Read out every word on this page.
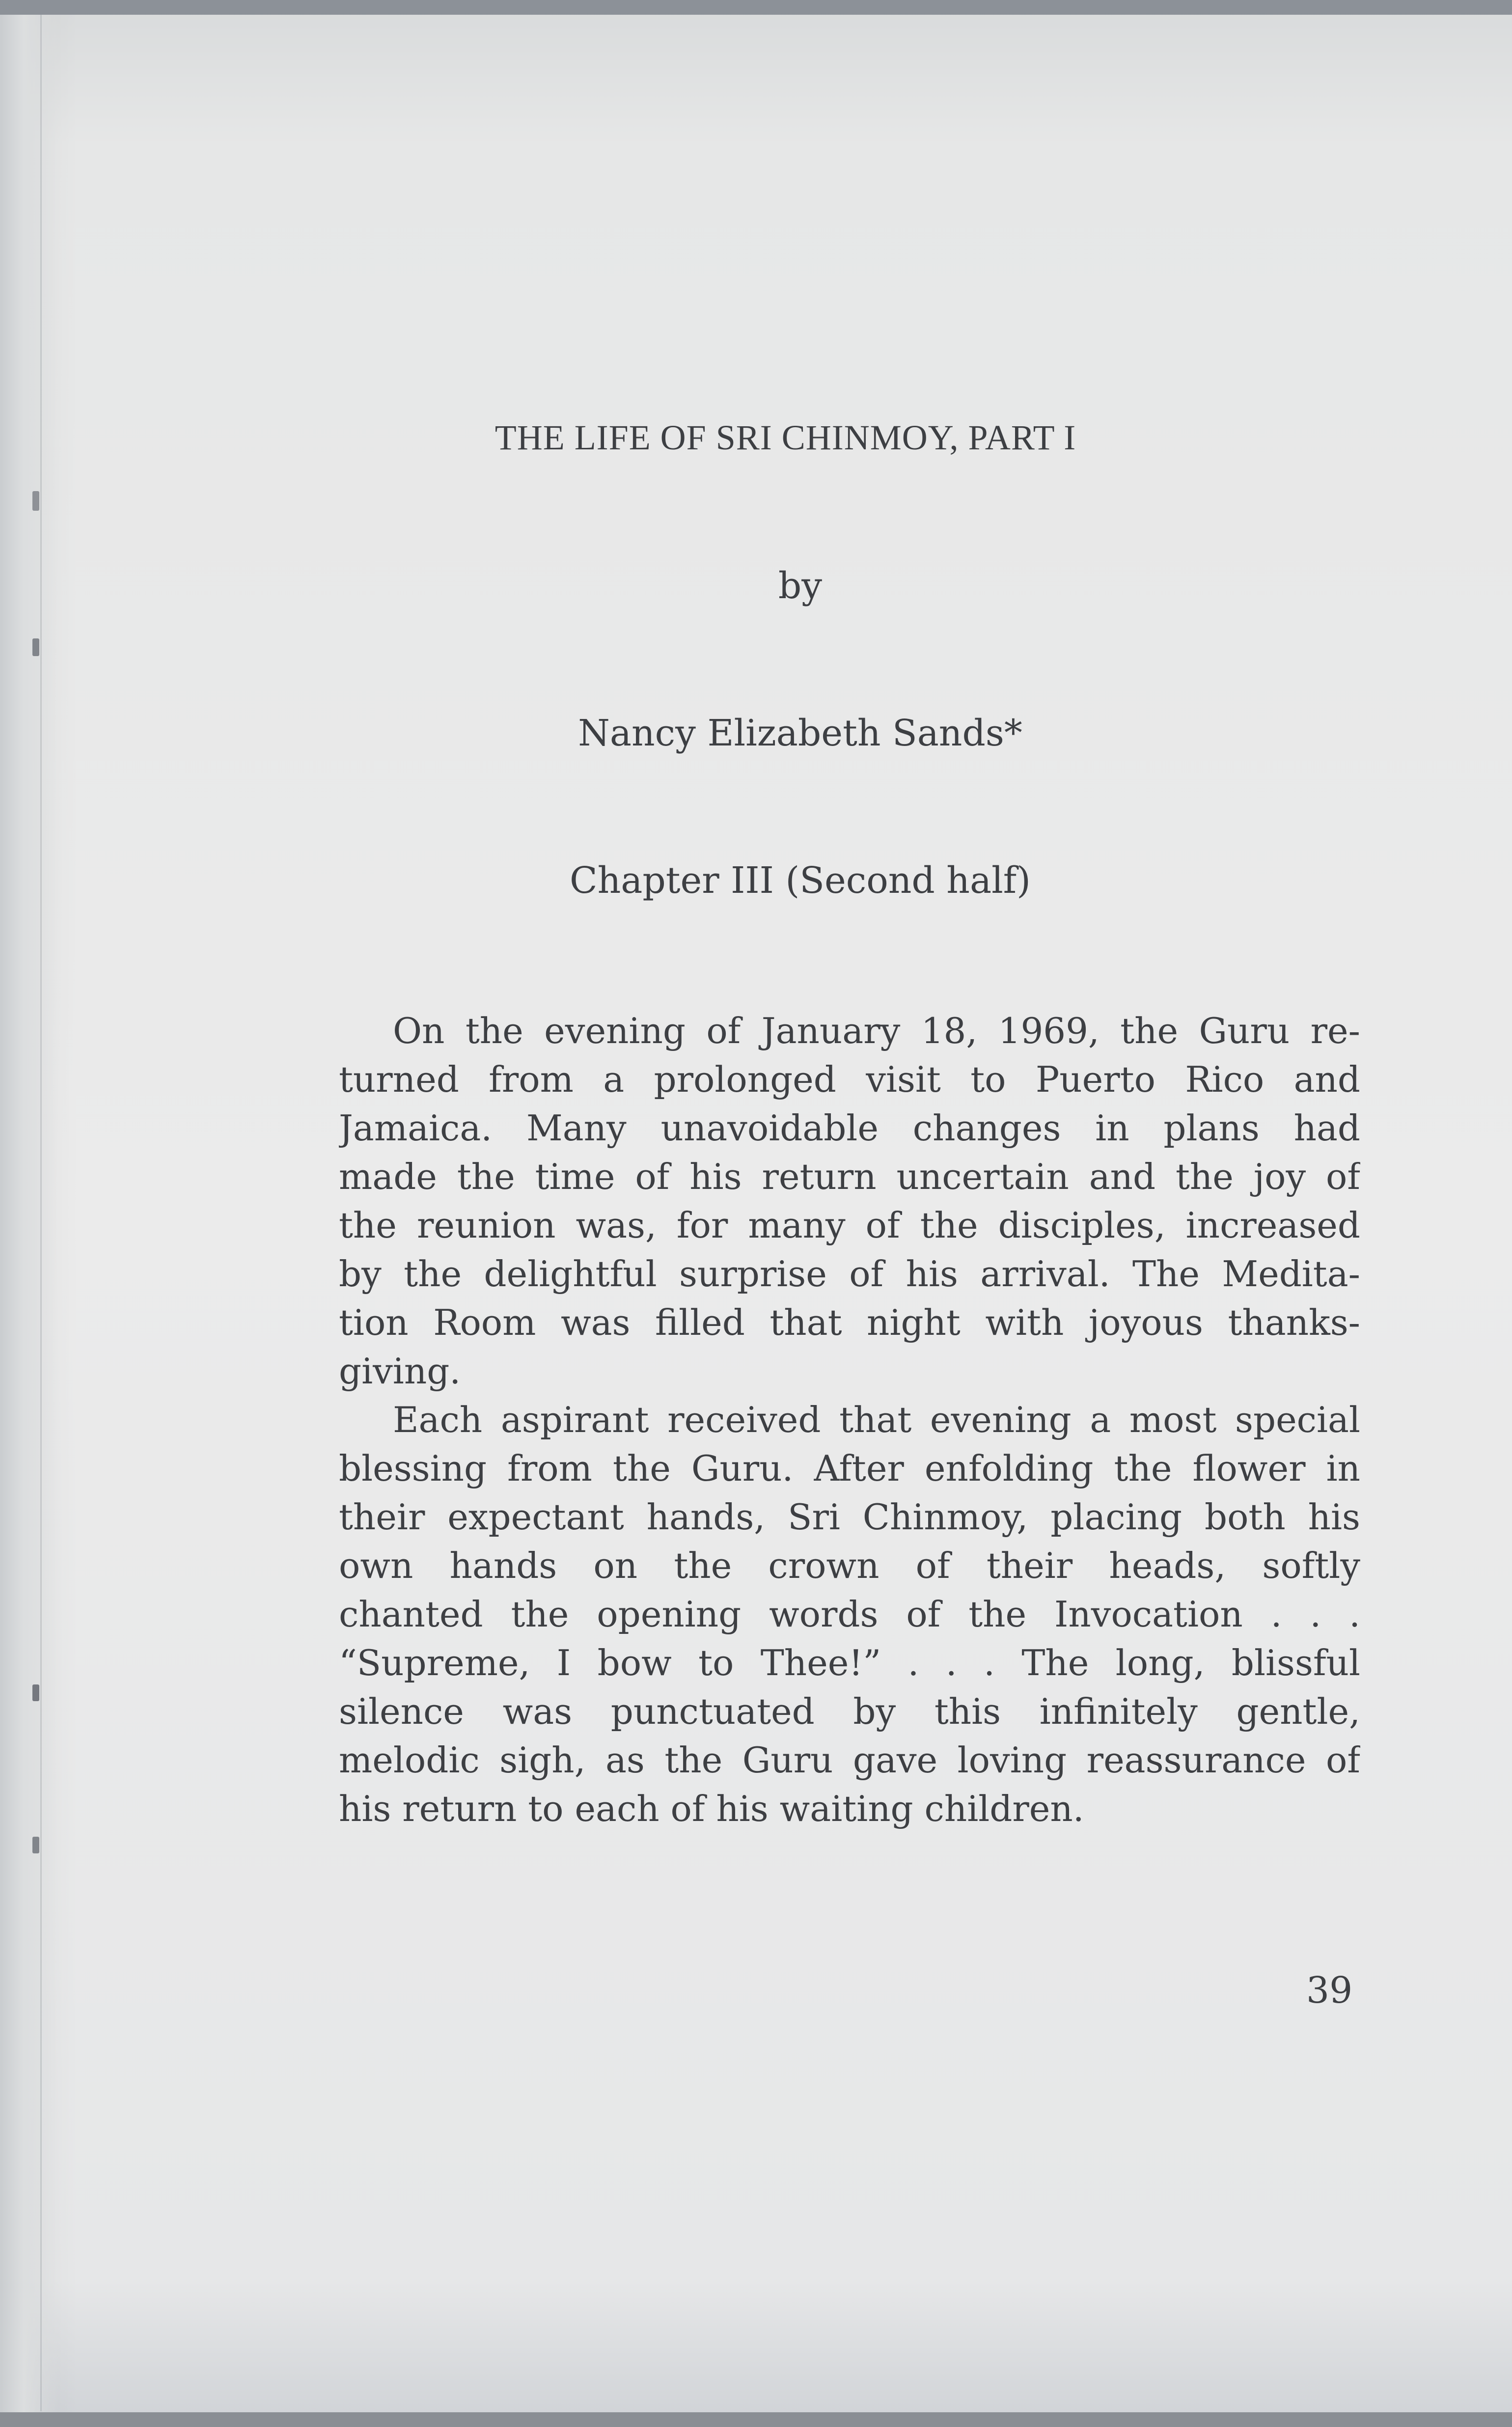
THE LIFE OF SRI CHINMOY, PART I
by
Nancy Elizabeth Sands*
Chapter III (Second half)
On the evening of January 18, 1969, the Guru re-
turned from a prolonged visit to Puerto Rico and
Jamaica. Many unavoidable changes in plans had
made the time of his return uncertain and the joy of
the reunion was, for many of the disciples, increased
by the delightful surprise of his arrival. The Medita-
tion Room was filled that night with joyous thanks-
giving.
Each aspirant received that evening a most special
blessing from the Guru. After enfolding the flower in
their expectant hands, Sri Chinmoy, placing both his
own hands on the crown of their heads, softly
chanted the opening words of the Invocation . . .
“Supreme, I bow to Thee!” . . . The long, blissful
silence was punctuated by this infinitely gentle,
melodic sigh, as the Guru gave loving reassurance of
his return to each of his waiting children.
39
